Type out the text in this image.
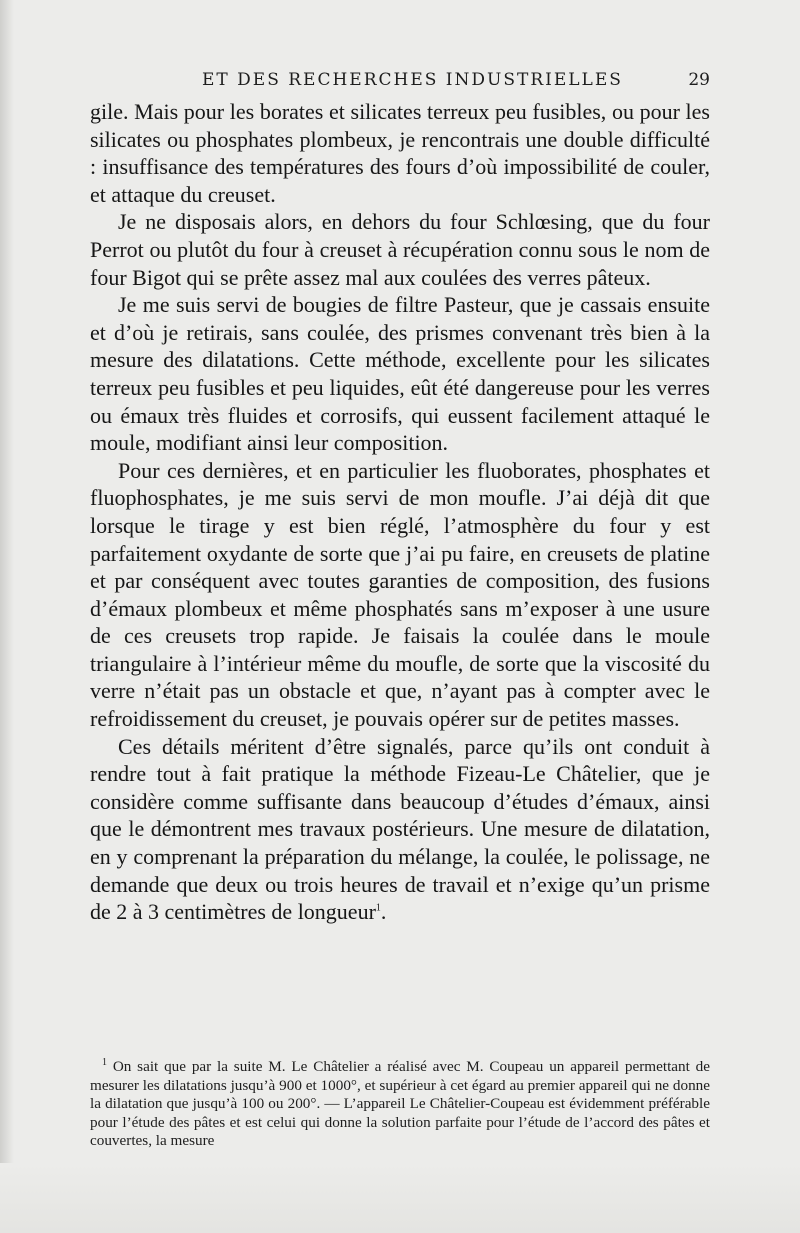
ET DES RECHERCHES INDUSTRIELLES	29

gile. Mais pour les borates et silicates terreux peu fusibles, ou pour les silicates ou phosphates plombeux, je rencontrais une double difficulté : insuffisance des températures des fours d’où impossibilité de couler, et attaque du creuset.

Je ne disposais alors, en dehors du four Schlœsing, que du four Perrot ou plutôt du four à creuset à récupération connu sous le nom de four Bigot qui se prête assez mal aux coulées des verres pâteux.

Je me suis servi de bougies de filtre Pasteur, que je cassais ensuite et d’où je retirais, sans coulée, des prismes convenant très bien à la mesure des dilatations. Cette méthode, excellente pour les silicates terreux peu fusibles et peu liquides, eût été dangereuse pour les verres ou émaux très fluides et corrosifs, qui eussent facilement attaqué le moule, modifiant ainsi leur composition.

Pour ces dernières, et en particulier les fluoborates, phosphates et fluophosphates, je me suis servi de mon moufle. J’ai déjà dit que lorsque le tirage y est bien réglé, l’atmosphère du four y est parfaitement oxydante de sorte que j’ai pu faire, en creusets de platine et par conséquent avec toutes garanties de composition, des fusions d’émaux plombeux et même phosphatés sans m’exposer à une usure de ces creusets trop rapide. Je faisais la coulée dans le moule triangulaire à l’intérieur même du moufle, de sorte que la viscosité du verre n’était pas un obstacle et que, n’ayant pas à compter avec le refroidissement du creuset, je pouvais opérer sur de petites masses.

Ces détails méritent d’être signalés, parce qu’ils ont conduit à rendre tout à fait pratique la méthode Fizeau-Le Châtelier, que je considère comme suffisante dans beaucoup d’études d’émaux, ainsi que le démontrent mes travaux postérieurs. Une mesure de dilatation, en y comprenant la préparation du mélange, la coulée, le polissage, ne demande que deux ou trois heures de travail et n’exige qu’un prisme de 2 à 3 centimètres de longueur$^1$.

$^1$ On sait que par la suite M. Le Châtelier a réalisé avec M. Coupeau un appareil permettant de mesurer les dilatations jusqu’à 900 et 1000°, et supérieur à cet égard au premier appareil qui ne donne la dilatation que jusqu’à 100 ou 200°. — L’appareil Le Châtelier-Coupeau est évidemment préférable pour l’étude des pâtes et est celui qui donne la solution parfaite pour l’étude de l’accord des pâtes et couvertes, la mesure
